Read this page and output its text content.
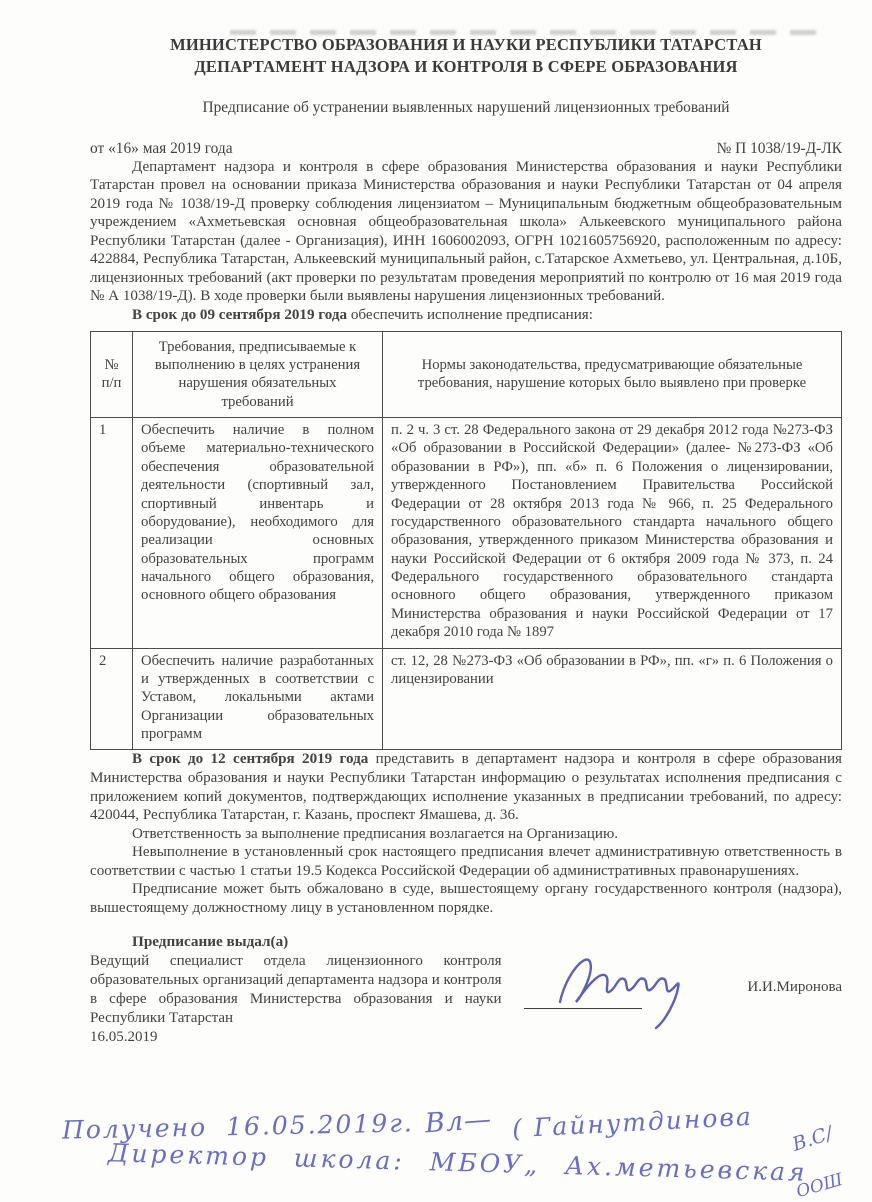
МИНИСТЕРСТВО ОБРАЗОВАНИЯ И НАУКИ РЕСПУБЛИКИ ТАТАРСТАН
ДЕПАРТАМЕНТ НАДЗОРА И КОНТРОЛЯ В СФЕРЕ ОБРАЗОВАНИЯ
Предписание об устранении выявленных нарушений лицензионных требований
от «16» мая 2019 года	№ П 1038/19-Д-ЛК

Департамент надзора и контроля в сфере образования Министерства образования и науки Республики Татарстан провел на основании приказа Министерства образования и науки Республики Татарстан от 04 апреля 2019 года № 1038/19-Д проверку соблюдения лицензиатом – Муниципальным бюджетным общеобразовательным учреждением «Ахметьевская основная общеобразовательная школа» Алькеевского муниципального района Республики Татарстан (далее - Организация), ИНН 1606002093, ОГРН 1021605756920, расположенным по адресу: 422884, Республика Татарстан, Алькеевский муниципальный район, с.Татарское Ахметьево, ул. Центральная, д.10Б, лицензионных требований (акт проверки по результатам проведения мероприятий по контролю от 16 мая 2019 года № А 1038/19-Д). В ходе проверки были выявлены нарушения лицензионных требований.

В срок до 09 сентября 2019 года обеспечить исполнение предписания:

№ п/п	Требования, предписываемые к выполнению в целях устранения нарушения обязательных требований	Нормы законодательства, предусматривающие обязательные требования, нарушение которых было выявлено при проверке
1	Обеспечить наличие в полном объеме материально-технического обеспечения образовательной деятельности (спортивный зал, спортивный инвентарь и оборудование), необходимого для реализации основных образовательных программ начального общего образования, основного общего образования	п. 2 ч. 3 ст. 28 Федерального закона от 29 декабря 2012 года №273-ФЗ «Об образовании в Российской Федерации» (далее- №273-ФЗ «Об образовании в РФ»), пп. «б» п. 6 Положения о лицензировании, утвержденного Постановлением Правительства Российской Федерации от 28 октября 2013 года № 966, п. 25 Федерального государственного образовательного стандарта начального общего образования, утвержденного приказом Министерства образования и науки Российской Федерации от 6 октября 2009 года № 373, п. 24 Федерального государственного образовательного стандарта основного общего образования, утвержденного приказом Министерства образования и науки Российской Федерации от 17 декабря 2010 года № 1897
2	Обеспечить наличие разработанных и утвержденных в соответствии с Уставом, локальными актами Организации образовательных программ	ст. 12, 28 №273-ФЗ «Об образовании в РФ», пп. «г» п. 6 Положения о лицензировании

В срок до 12 сентября 2019 года представить в департамент надзора и контроля в сфере образования Министерства образования и науки Республики Татарстан информацию о результатах исполнения предписания с приложением копий документов, подтверждающих исполнение указанных в предписании требований, по адресу: 420044, Республика Татарстан, г. Казань, проспект Ямашева, д. 36.

Ответственность за выполнение предписания возлагается на Организацию.

Невыполнение в установленный срок настоящего предписания влечет административную ответственность в соответствии с частью 1 статьи 19.5 Кодекса Российской Федерации об административных правонарушениях.

Предписание может быть обжаловано в суде, вышестоящему органу государственного контроля (надзора), вышестоящему должностному лицу в установленном порядке.

Предписание выдал(а)
Ведущий специалист отдела лицензионного контроля образовательных организаций департамента надзора и контроля в сфере образования Министерства образования и науки Республики Татарстан
И.И.Миронова
16.05.2019
Получено 16.05.2019г. Вл— ( Гайнутдинова В.С/
Директор школа: МБОУ„ Ах.метьевская
ООШ
